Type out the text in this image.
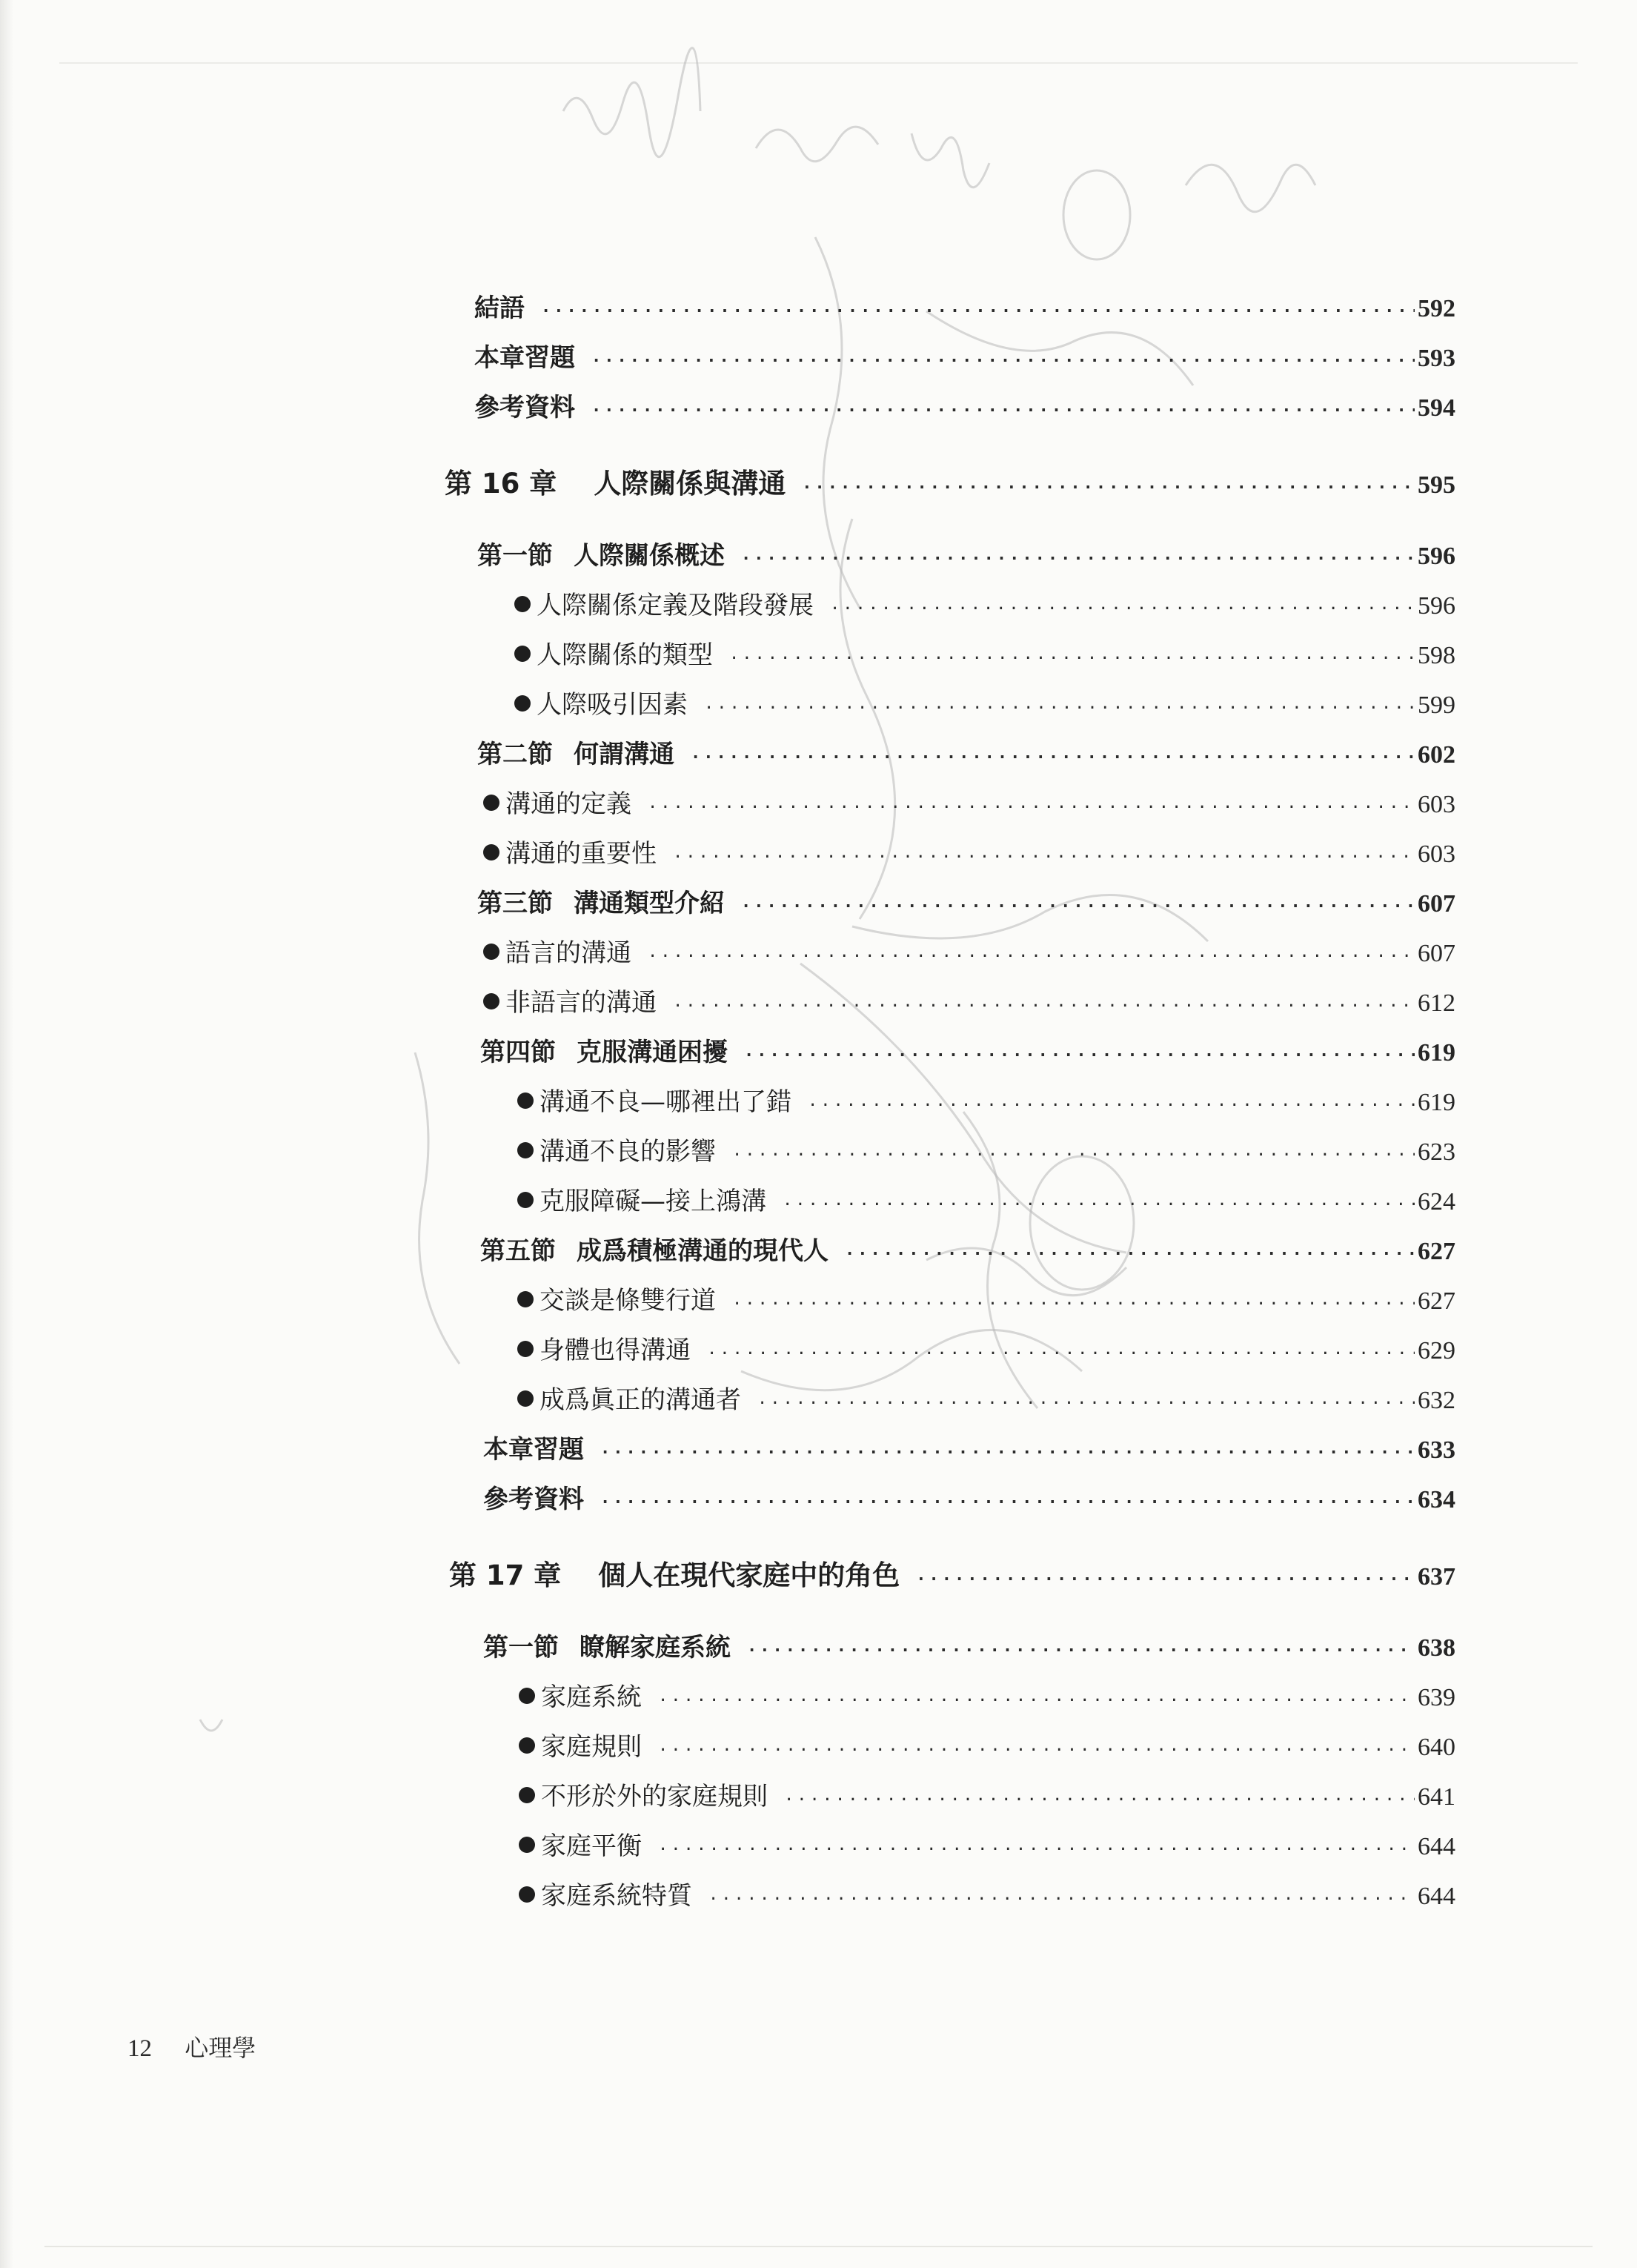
結語 ·····	592
本章習題 ·····	593
參考資料 ·····	594
第 16 章 人際關係與溝通 ·····	595
第一節 人際關係概述 ·····	596
人際關係定義及階段發展 ·····	596
人際關係的類型 ·····	598
人際吸引因素 ·····	599
第二節 何謂溝通 ·····	602
溝通的定義 ·····	603
溝通的重要性 ·····	603
第三節 溝通類型介紹 ·····	607
語言的溝通 ·····	607
非語言的溝通 ·····	612
第四節 克服溝通困擾 ·····	619
溝通不良—哪裡出了錯 ·····	619
溝通不良的影響 ·····	623
克服障礙—接上鴻溝 ·····	624
第五節 成爲積極溝通的現代人 ·····	627
交談是條雙行道 ·····	627
身體也得溝通 ·····	629
成爲眞正的溝通者 ·····	632
本章習題 ·····	633
參考資料 ·····	634
第 17 章 個人在現代家庭中的角色 ·····	637
第一節 瞭解家庭系統 ·····	638
家庭系統 ·····	639
家庭規則 ·····	640
不形於外的家庭規則 ·····	641
家庭平衡 ·····	644
家庭系統特質 ·····	644
12 心理學
